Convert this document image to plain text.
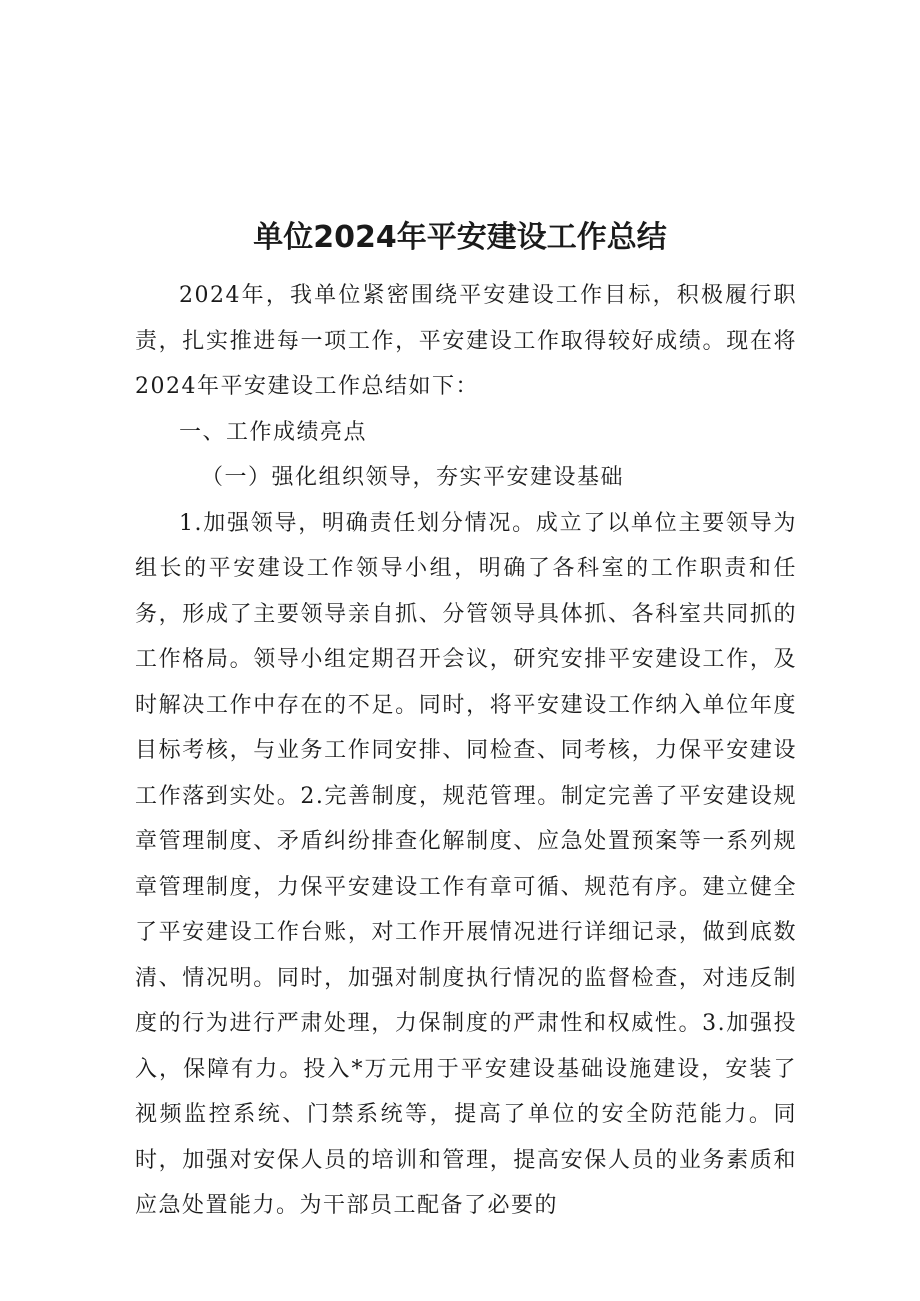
单位2024年平安建设工作总结

2024年，我单位紧密围绕平安建设工作目标，积极履行职责，扎实推进每一项工作，平安建设工作取得较好成绩。现在将2024年平安建设工作总结如下：

一、工作成绩亮点

（一）强化组织领导，夯实平安建设基础

1.加强领导，明确责任划分情况。成立了以单位主要领导为组长的平安建设工作领导小组，明确了各科室的工作职责和任务，形成了主要领导亲自抓、分管领导具体抓、各科室共同抓的工作格局。领导小组定期召开会议，研究安排平安建设工作，及时解决工作中存在的不足。同时，将平安建设工作纳入单位年度目标考核，与业务工作同安排、同检查、同考核，力保平安建设工作落到实处。2.完善制度，规范管理。制定完善了平安建设规章管理制度、矛盾纠纷排查化解制度、应急处置预案等一系列规章管理制度，力保平安建设工作有章可循、规范有序。建立健全了平安建设工作台账，对工作开展情况进行详细记录，做到底数清、情况明。同时，加强对制度执行情况的监督检查，对违反制度的行为进行严肃处理，力保制度的严肃性和权威性。3.加强投入，保障有力。投入*万元用于平安建设基础设施建设，安装了视频监控系统、门禁系统等，提高了单位的安全防范能力。同时，加强对安保人员的培训和管理，提高安保人员的业务素质和应急处置能力。为干部员工配备了必要的
